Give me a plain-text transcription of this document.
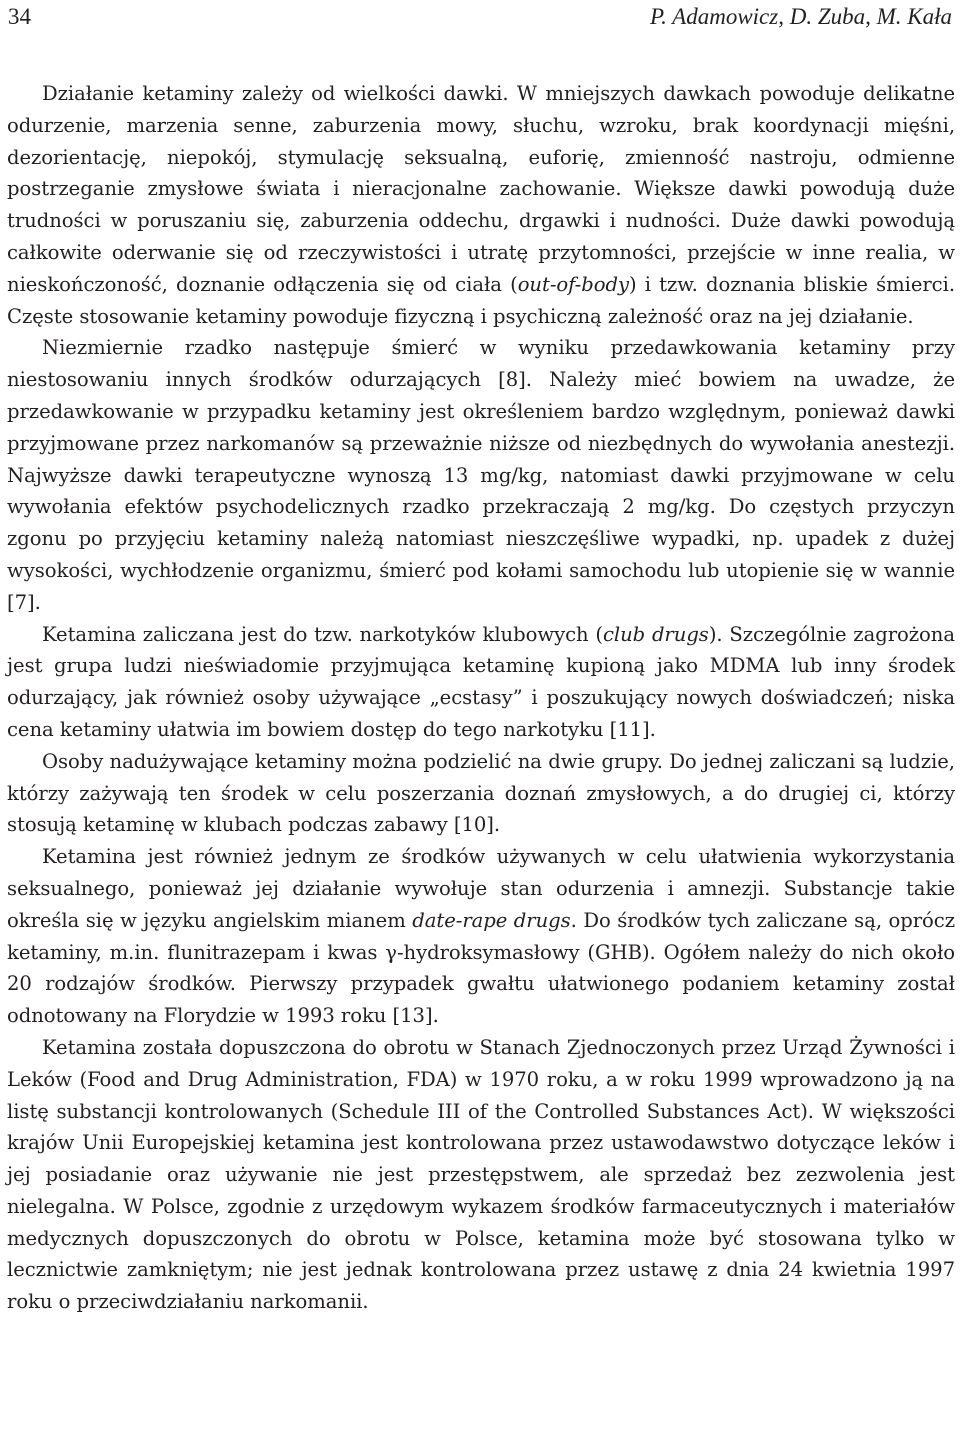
34	P. Adamowicz, D. Zuba, M. Kała

Działanie ketaminy zależy od wielkości dawki. W mniejszych dawkach powoduje delikatne odurzenie, marzenia senne, zaburzenia mowy, słuchu, wzroku, brak koordynacji mięśni, dezorientację, niepokój, stymulację seksualną, euforię, zmienność nastroju, odmienne postrzeganie zmysłowe świata i nieracjonalne zachowanie. Większe dawki powodują duże trudności w poruszaniu się, zaburzenia oddechu, drgawki i nudności. Duże dawki powodują całkowite oderwanie się od rzeczywistości i utratę przytomności, przejście w inne realia, w nieskończoność, doznanie odłączenia się od ciała (out-of-body) i tzw. doznania bliskie śmierci. Częste stosowanie ketaminy powoduje fizyczną i psychiczną zależność oraz na jej działanie.

Niezmiernie rzadko następuje śmierć w wyniku przedawkowania ketaminy przy niestosowaniu innych środków odurzających [8]. Należy mieć bowiem na uwadze, że przedawkowanie w przypadku ketaminy jest określeniem bardzo względnym, ponieważ dawki przyjmowane przez narkomanów są przeważnie niższe od niezbędnych do wywołania anestezji. Najwyższe dawki terapeutyczne wynoszą 13 mg/kg, natomiast dawki przyjmowane w celu wywołania efektów psychodelicznych rzadko przekraczają 2 mg/kg. Do częstych przyczyn zgonu po przyjęciu ketaminy należą natomiast nieszczęśliwe wypadki, np. upadek z dużej wysokości, wychłodzenie organizmu, śmierć pod kołami samochodu lub utopienie się w wannie [7].

Ketamina zaliczana jest do tzw. narkotyków klubowych (club drugs). Szczególnie zagrożona jest grupa ludzi nieświadomie przyjmująca ketaminę kupioną jako MDMA lub inny środek odurzający, jak również osoby używające „ecstasy” i poszukujący nowych doświadczeń; niska cena ketaminy ułatwia im bowiem dostęp do tego narkotyku [11].

Osoby nadużywające ketaminy można podzielić na dwie grupy. Do jednej zaliczani są ludzie, którzy zażywają ten środek w celu poszerzania doznań zmysłowych, a do drugiej ci, którzy stosują ketaminę w klubach podczas zabawy [10].

Ketamina jest również jednym ze środków używanych w celu ułatwienia wykorzystania seksualnego, ponieważ jej działanie wywołuje stan odurzenia i amnezji. Substancje takie określa się w języku angielskim mianem date-rape drugs. Do środków tych zaliczane są, oprócz ketaminy, m.in. flunitrazepam i kwas γ-hydroksymasłowy (GHB). Ogółem należy do nich około 20 rodzajów środków. Pierwszy przypadek gwałtu ułatwionego podaniem ketaminy został odnotowany na Florydzie w 1993 roku [13].

Ketamina została dopuszczona do obrotu w Stanach Zjednoczonych przez Urząd Żywności i Leków (Food and Drug Administration, FDA) w 1970 roku, a w roku 1999 wprowadzono ją na listę substancji kontrolowanych (Schedule III of the Controlled Substances Act). W większości krajów Unii Europejskiej ketamina jest kontrolowana przez ustawodawstwo dotyczące leków i jej posiadanie oraz używanie nie jest przestępstwem, ale sprzedaż bez zezwolenia jest nielegalna. W Polsce, zgodnie z urzędowym wykazem środków farmaceutycznych i materiałów medycznych dopuszczonych do obrotu w Polsce, ketamina może być stosowana tylko w lecznictwie zamkniętym; nie jest jednak kontrolowana przez ustawę z dnia 24 kwietnia 1997 roku o przeciwdziałaniu narkomanii.
